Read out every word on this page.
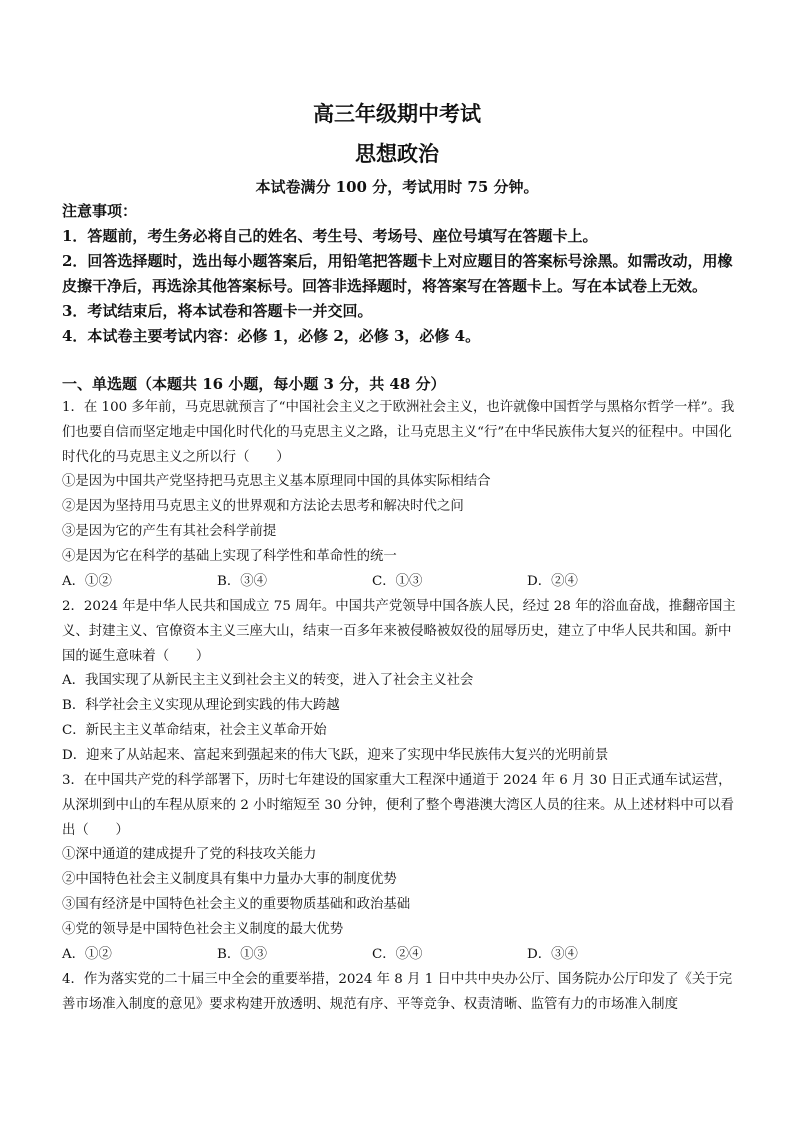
高三年级期中考试
思想政治
本试卷满分 100 分，考试用时 75 分钟。

注意事项：

1．答题前，考生务必将自己的姓名、考生号、考场号、座位号填写在答题卡上。

2．回答选择题时，选出每小题答案后，用铅笔把答题卡上对应题目的答案标号涂黑。如需改动，用橡皮擦干净后，再选涂其他答案标号。回答非选择题时，将答案写在答题卡上。写在本试卷上无效。

3．考试结束后，将本试卷和答题卡一并交回。

4．本试卷主要考试内容：必修 1，必修 2，必修 3，必修 4。

一、单选题（本题共 16 小题，每小题 3 分，共 48 分）

1．在 100 多年前，马克思就预言了“中国社会主义之于欧洲社会主义，也许就像中国哲学与黑格尔哲学一样”。我们也要自信而坚定地走中国化时代化的马克思主义之路，让马克思主义“行”在中华民族伟大复兴的征程中。中国化时代化的马克思主义之所以行（　　）

①是因为中国共产党坚持把马克思主义基本原理同中国的具体实际相结合

②是因为坚持用马克思主义的世界观和方法论去思考和解决时代之问

③是因为它的产生有其社会科学前提

④是因为它在科学的基础上实现了科学性和革命性的统一

A．①②	B．③④	C．①③	D．②④

2．2024 年是中华人民共和国成立 75 周年。中国共产党领导中国各族人民，经过 28 年的浴血奋战，推翻帝国主义、封建主义、官僚资本主义三座大山，结束一百多年来被侵略被奴役的屈辱历史，建立了中华人民共和国。新中国的诞生意味着（　　）

A．我国实现了从新民主主义到社会主义的转变，进入了社会主义社会

B．科学社会主义实现从理论到实践的伟大跨越

C．新民主主义革命结束，社会主义革命开始

D．迎来了从站起来、富起来到强起来的伟大飞跃，迎来了实现中华民族伟大复兴的光明前景

3．在中国共产党的科学部署下，历时七年建设的国家重大工程深中通道于 2024 年 6 月 30 日正式通车试运营，从深圳到中山的车程从原来的 2 小时缩短至 30 分钟，便利了整个粤港澳大湾区人员的往来。从上述材料中可以看出（　　）

①深中通道的建成提升了党的科技攻关能力

②中国特色社会主义制度具有集中力量办大事的制度优势

③国有经济是中国特色社会主义的重要物质基础和政治基础

④党的领导是中国特色社会主义制度的最大优势

A．①②	B．①③	C．②④	D．③④

4．作为落实党的二十届三中全会的重要举措，2024 年 8 月 1 日中共中央办公厅、国务院办公厅印发了《关于完善市场准入制度的意见》要求构建开放透明、规范有序、平等竞争、权责清晰、监管有力的市场准入制度
